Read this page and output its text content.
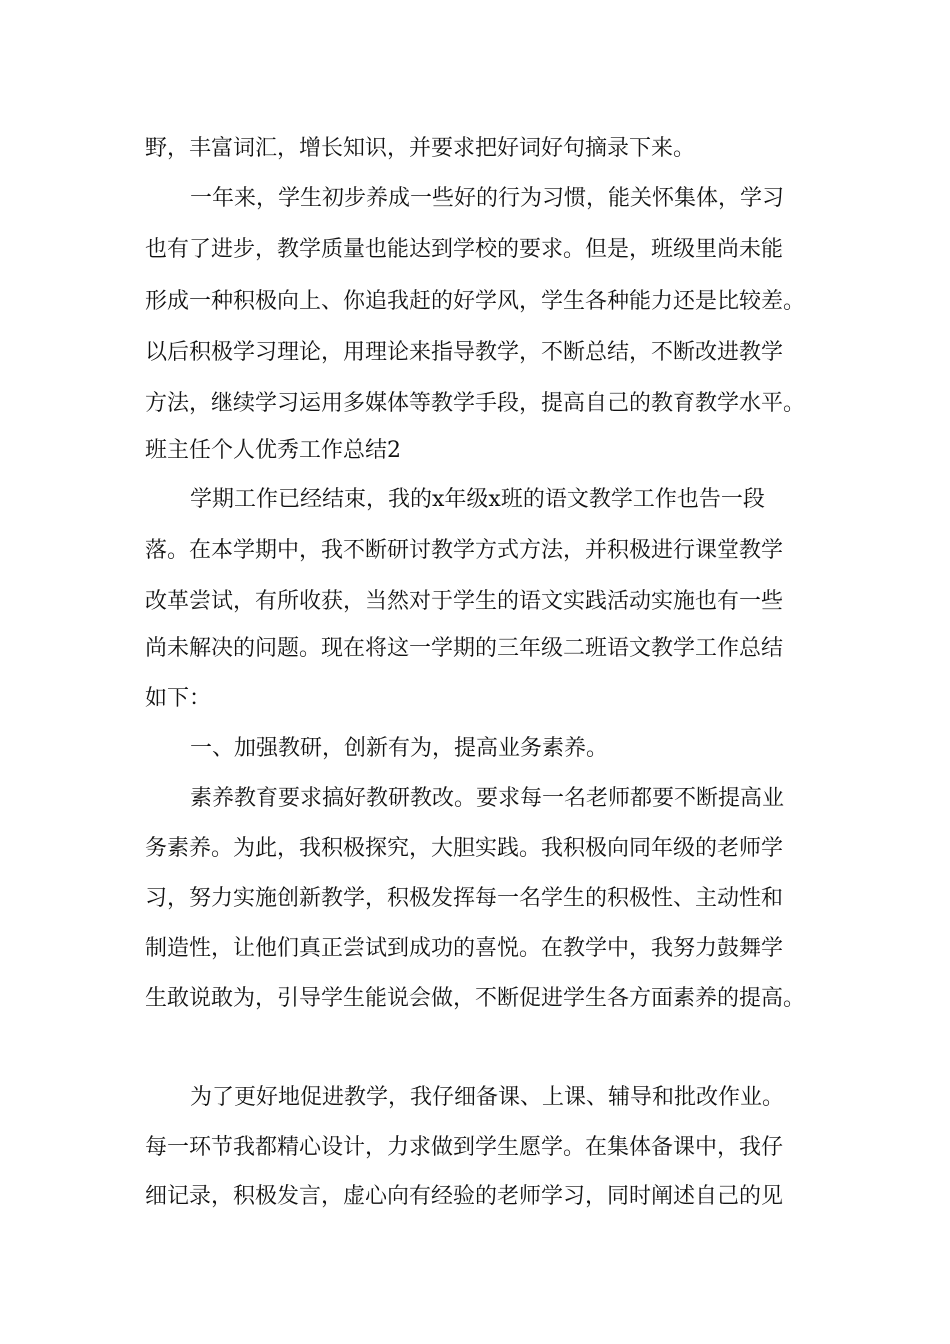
野，丰富词汇，增长知识，并要求把好词好句摘录下来。
一年来，学生初步养成一些好的行为习惯，能关怀集体，学习
也有了进步，教学质量也能达到学校的要求。但是，班级里尚未能
形成一种积极向上、你追我赶的好学风，学生各种能力还是比较差。
以后积极学习理论，用理论来指导教学，不断总结，不断改进教学
方法，继续学习运用多媒体等教学手段，提高自己的教育教学水平。
班主任个人优秀工作总结2
学期工作已经结束，我的x年级x班的语文教学工作也告一段
落。在本学期中，我不断研讨教学方式方法，并积极进行课堂教学
改革尝试，有所收获，当然对于学生的语文实践活动实施也有一些
尚未解决的问题。现在将这一学期的三年级二班语文教学工作总结
如下：
一、加强教研，创新有为，提高业务素养。
素养教育要求搞好教研教改。要求每一名老师都要不断提高业
务素养。为此，我积极探究，大胆实践。我积极向同年级的老师学
习，努力实施创新教学，积极发挥每一名学生的积极性、主动性和
制造性，让他们真正尝试到成功的喜悦。在教学中，我努力鼓舞学
生敢说敢为，引导学生能说会做，不断促进学生各方面素养的提高。
为了更好地促进教学，我仔细备课、上课、辅导和批改作业。
每一环节我都精心设计，力求做到学生愿学。在集体备课中，我仔
细记录，积极发言，虚心向有经验的老师学习，同时阐述自己的见
